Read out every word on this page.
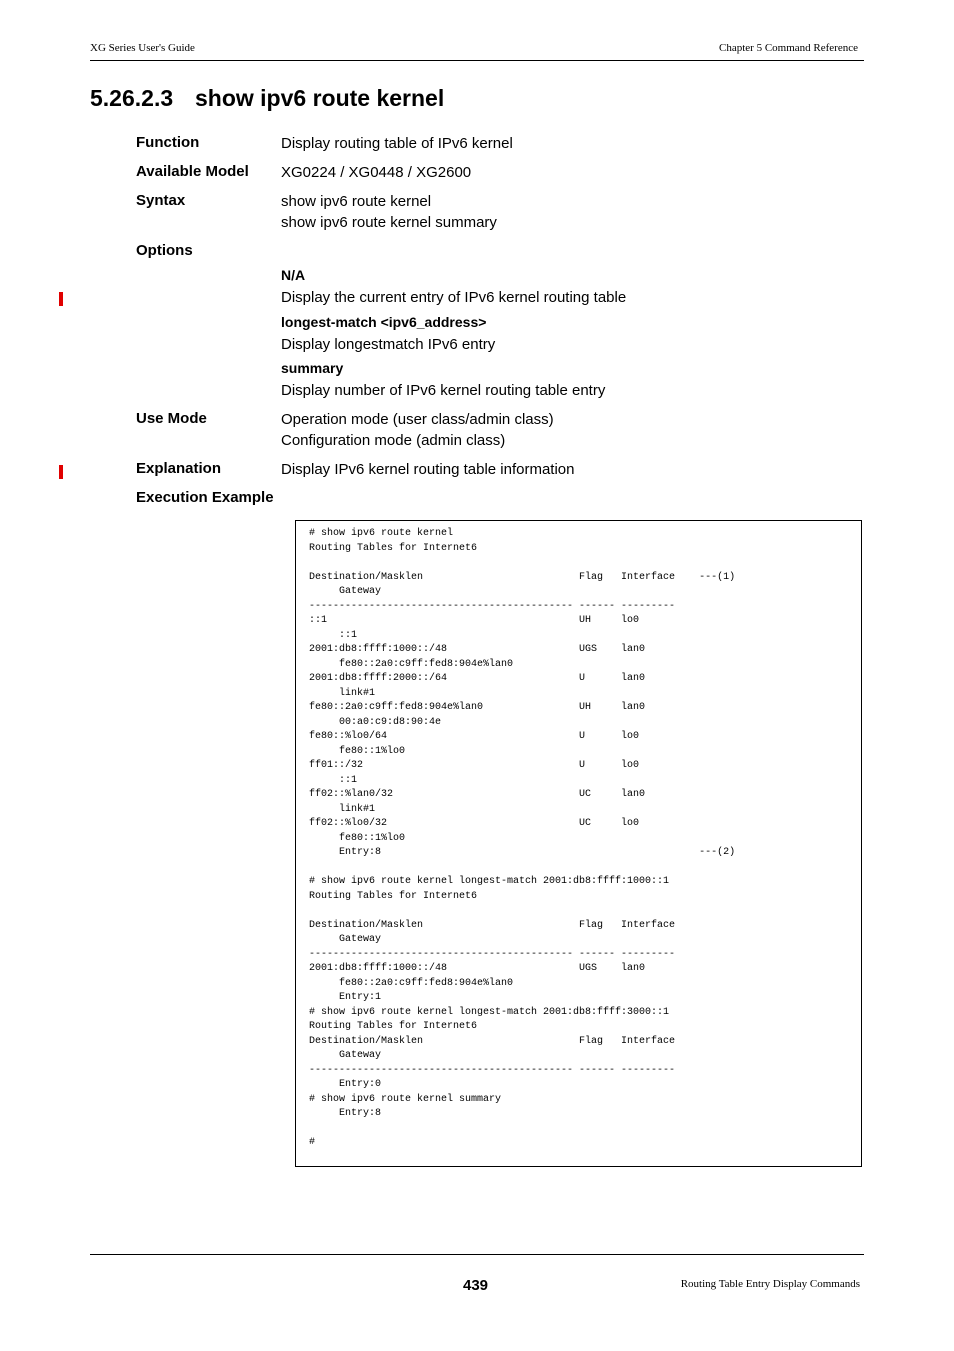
XG Series User's Guide	Chapter 5 Command Reference
5.26.2.3 show ipv6 route kernel
Function	Display routing table of IPv6 kernel
Available Model XG0224 / XG0448 / XG2600
Syntax	show ipv6 route kernel
show ipv6 route kernel summary
Options
N/A
Display the current entry of IPv6 kernel routing table
longest-match <ipv6_address>
Display longestmatch IPv6 entry
summary
Display number of IPv6 kernel routing table entry
Use Mode	Operation mode (user class/admin class)
Configuration mode (admin class)
Explanation	Display IPv6 kernel routing table information
Execution Example
# show ipv6 route kernel
Routing Tables for Internet6

Destination/Masklen                          Flag   Interface    ---(1)
Gateway
-------------------------------------------- ------ ---------
::1                                          UH     lo0
::1
2001:db8:ffff:1000::/48                      UGS    lan0
fe80::2a0:c9ff:fed8:904e%lan0
2001:db8:ffff:2000::/64                      U      lan0
link#1
fe80::2a0:c9ff:fed8:904e%lan0                UH     lan0
00:a0:c9:d8:90:4e
fe80::%lo0/64                                U      lo0
fe80::1%lo0
ff01::/32                                    U      lo0
::1
ff02::%lan0/32                               UC     lan0
link#1
ff02::%lo0/32                                UC     lo0
fe80::1%lo0
Entry:8                                                     ---(2)

# show ipv6 route kernel longest-match 2001:db8:ffff:1000::1
Routing Tables for Internet6

Destination/Masklen                          Flag   Interface
Gateway
-------------------------------------------- ------ ---------
2001:db8:ffff:1000::/48                      UGS    lan0
fe80::2a0:c9ff:fed8:904e%lan0
Entry:1
# show ipv6 route kernel longest-match 2001:db8:ffff:3000::1
Routing Tables for Internet6
Destination/Masklen                          Flag   Interface
Gateway
-------------------------------------------- ------ ---------
Entry:0
# show ipv6 route kernel summary
Entry:8

#
439	Routing Table Entry Display Commands
